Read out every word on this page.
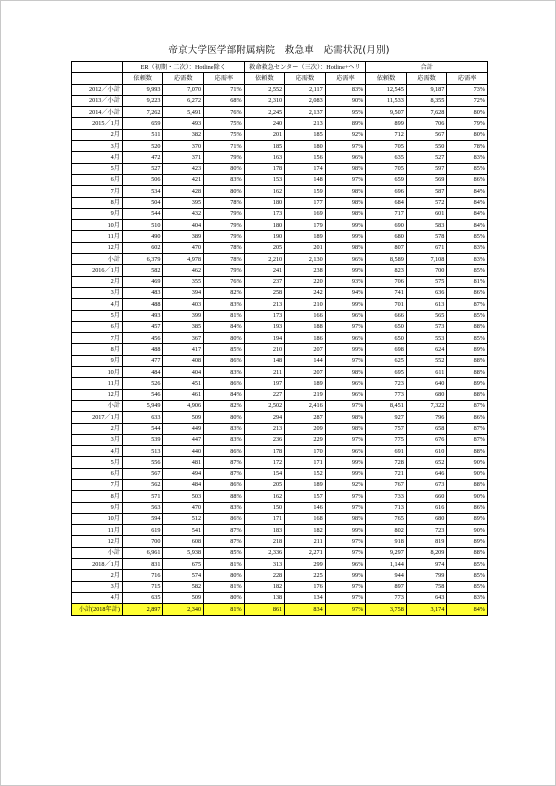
帝京大学医学部附属病院　救急車　応需状況(月別)
	ER（初期・二次）：Hotline除く			救命救急センター（三次）：Hotline+ヘリ			合計		
	依頼数	応需数	応需率	依頼数	応需数	応需率	依頼数	応需数	応需率
2012／小計	9,993	7,070	71%	2,552	2,117	83%	12,545	9,187	73%
2013／小計	9,223	6,272	68%	2,310	2,083	90%	11,533	8,355	72%
2014／小計	7,262	5,491	76%	2,245	2,137	95%	9,507	7,628	80%
2015／1月	659	493	75%	240	213	89%	899	706	79%
2月	511	382	75%	201	185	92%	712	567	80%
3月	520	370	71%	185	180	97%	705	550	78%
4月	472	371	79%	163	156	96%	635	527	83%
5月	527	423	80%	178	174	98%	705	597	85%
6月	506	421	83%	153	148	97%	659	569	86%
7月	534	428	80%	162	159	98%	696	587	84%
8月	504	395	78%	180	177	98%	684	572	84%
9月	544	432	79%	173	169	98%	717	601	84%
10月	510	404	79%	180	179	99%	690	583	84%
11月	490	389	79%	190	189	99%	680	578	85%
12月	602	470	78%	205	201	98%	807	671	83%
小計	6,379	4,978	78%	2,210	2,130	96%	8,589	7,108	83%
2016／1月	582	462	79%	241	238	99%	823	700	85%
2月	469	355	76%	237	220	93%	706	575	81%
3月	483	394	82%	258	242	94%	741	636	86%
4月	488	403	83%	213	210	99%	701	613	87%
5月	493	399	81%	173	166	96%	666	565	85%
6月	457	385	84%	193	188	97%	650	573	88%
7月	456	367	80%	194	186	96%	650	553	85%
8月	488	417	85%	210	207	99%	698	624	89%
9月	477	408	86%	148	144	97%	625	552	88%
10月	484	404	83%	211	207	98%	695	611	88%
11月	526	451	86%	197	189	96%	723	640	89%
12月	546	461	84%	227	219	96%	773	680	88%
小計	5,949	4,906	82%	2,502	2,416	97%	8,451	7,322	87%
2017／1月	633	509	80%	294	287	98%	927	796	86%
2月	544	449	83%	213	209	98%	757	658	87%
3月	539	447	83%	236	229	97%	775	676	87%
4月	513	440	86%	178	170	96%	691	610	88%
5月	556	481	87%	172	171	99%	728	652	90%
6月	567	494	87%	154	152	99%	721	646	90%
7月	562	484	86%	205	189	92%	767	673	88%
8月	571	503	88%	162	157	97%	733	660	90%
9月	563	470	83%	150	146	97%	713	616	86%
10月	594	512	86%	171	168	98%	765	680	89%
11月	619	541	87%	183	182	99%	802	723	90%
12月	700	608	87%	218	211	97%	918	819	89%
小計	6,961	5,938	85%	2,336	2,271	97%	9,297	8,209	88%
2018／1月	831	675	81%	313	299	96%	1,144	974	85%
2月	716	574	80%	228	225	99%	944	799	85%
3月	715	582	81%	182	176	97%	897	758	85%
4月	635	509	80%	138	134	97%	773	643	83%
小計(2018年計)	2,897	2,340	81%	861	834	97%	3,758	3,174	84%
